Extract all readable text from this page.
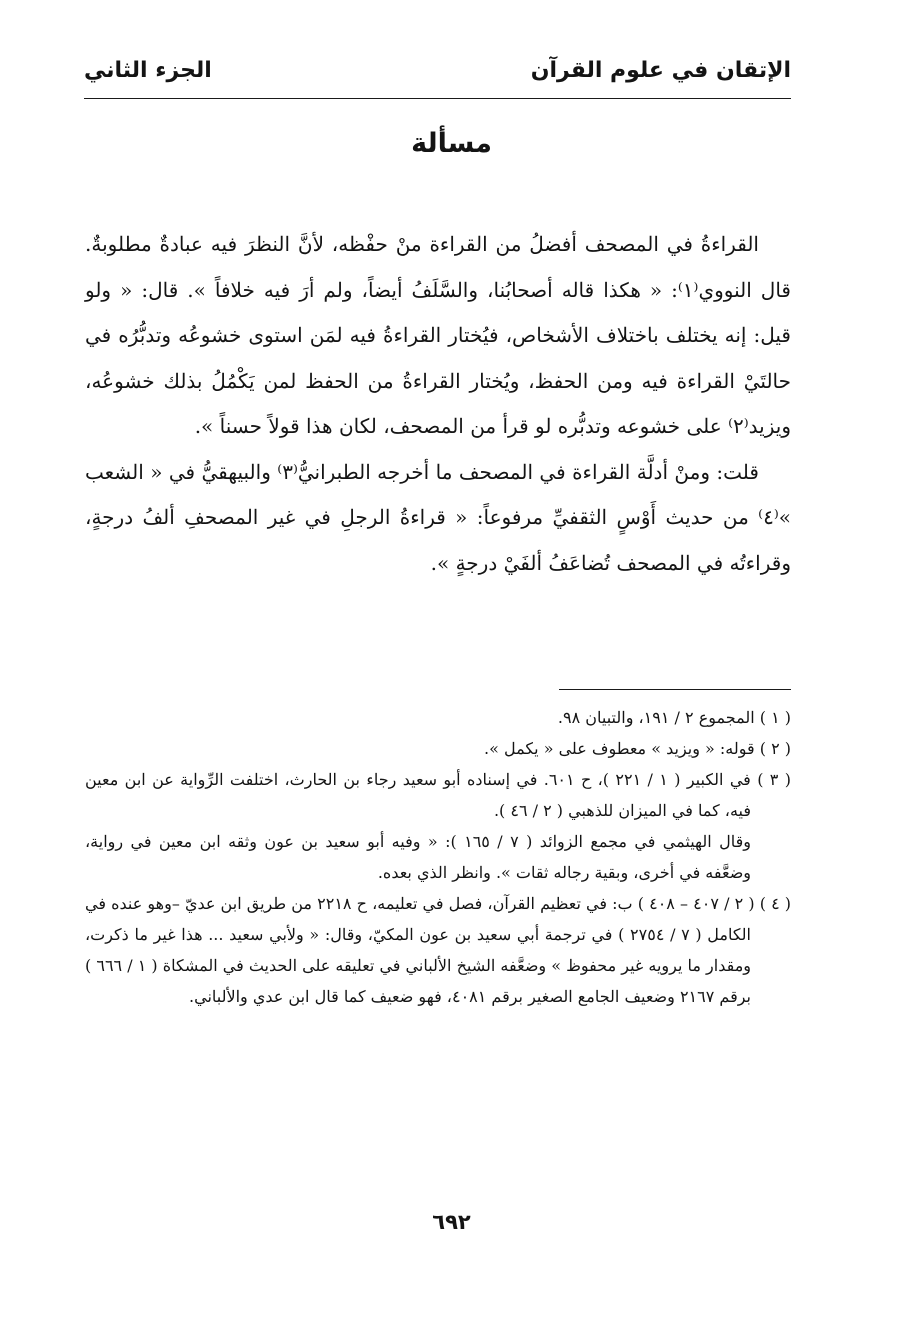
الإتقان في علوم القرآن
الجزء الثاني
مسألة

القراءةُ في المصحف أفضلُ من القراءة منْ حفْظه، لأنَّ النظرَ فيه عبادةٌ مطلوبةٌ. قال النووي⁽١⁾: « هكذا قاله أصحابُنا، والسَّلَفُ أيضاً، ولم أرَ فيه خلافاً ». قال: « ولو قيل: إنه يختلف باختلاف الأشخاص، فيُختار القراءةُ فيه لمَن استوى خشوعُه وتدبُّرُه في حالتَيْ القراءة فيه ومن الحفظ، ويُختار القراءةُ من الحفظ لمن يَكْمُلُ بذلك خشوعُه، ويزيد⁽٢⁾ على خشوعه وتدبُّره لو قرأ من المصحف، لكان هذا قولاً حسناً ».

قلت: ومنْ أدلَّة القراءة في المصحف ما أخرجه الطبرانيُّ⁽٣⁾ والبيهقيُّ في « الشعب »⁽٤⁾ من حديث أَوْسٍ الثقفيِّ مرفوعاً: « قراءةُ الرجلِ في غير المصحفِ ألفُ درجةٍ، وقراءتُه في المصحف تُضاعَفُ ألفَيْ درجةٍ ».

( ١ ) المجموع ٢ / ١٩١، والتبيان ٩٨.

( ٢ ) قوله: « ويزيد » معطوف على « يكمل ».

( ٣ ) في الكبير ( ١ / ٢٢١ )، ح ٦٠١. في إسناده أبو سعيد رجاء بن الحارث، اختلفت الرِّواية عن ابن معين فيه، كما في الميزان للذهبي ( ٢ / ٤٦ ).

وقال الهيثمي في مجمع الزوائد ( ٧ / ١٦٥ ): « وفيه أبو سعيد بن عون وثقه ابن معين في رواية، وضعَّفه في أخرى، وبقية رجاله ثقات ». وانظر الذي بعده.

( ٤ ) ( ٢ / ٤٠٧ – ٤٠٨ ) ب: في تعظيم القرآن، فصل في تعليمه، ح ٢٢١٨ من طريق ابن عديّ –وهو عنده في الكامل ( ٧ / ٢٧٥٤ ) في ترجمة أبي سعيد بن عون المكيّ، وقال: « ولأبي سعيد ... هذا غير ما ذكرت، ومقدار ما يرويه غير محفوظ » وضعَّفه الشيخ الألباني في تعليقه على الحديث في المشكاة ( ١ / ٦٦٦ ) برقم ٢١٦٧ وضعيف الجامع الصغير برقم ٤٠٨١، فهو ضعيف كما قال ابن عدي والألباني.

٦٩٢
